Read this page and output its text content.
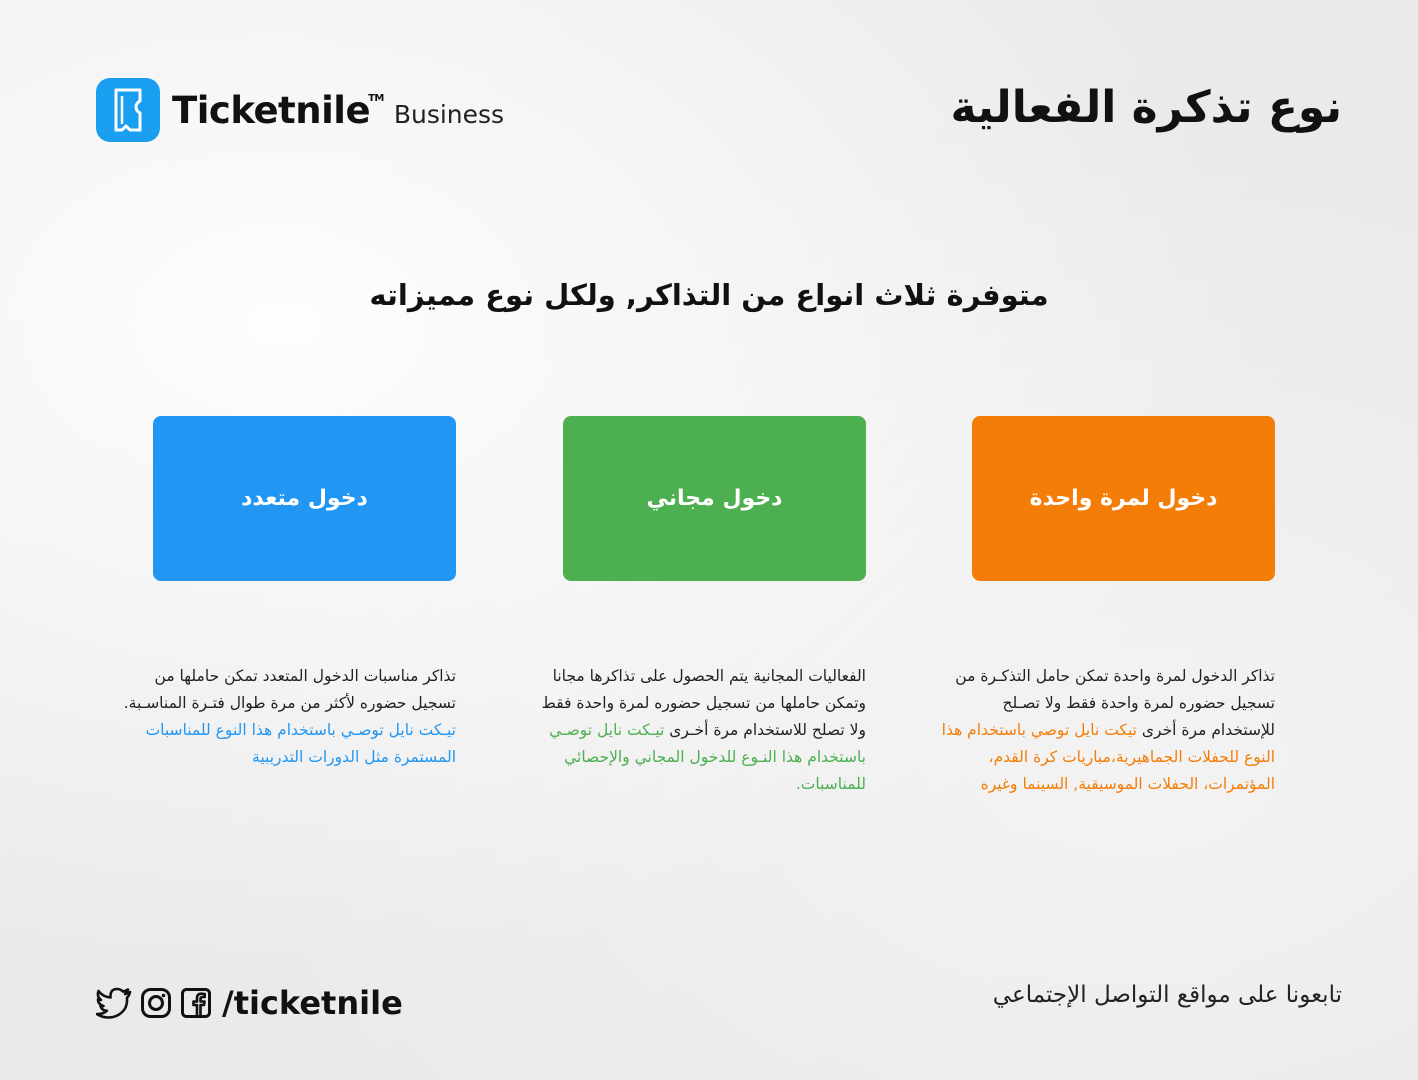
Ticketnile™
Business	نوع تذكرة الفعالية
متوفرة ثلاث انواع من التذاكر, ولكل نوع مميزاته
دخول لمرة واحدة
دخول مجاني
دخول متعدد
تذاكر الدخول لمرة واحدة تمكن حامل التذكـرة من تسجيل حضوره لمرة واحدة فقط ولا تصـلح للإستخدام مرة أخرى تيكت نايل توصي باستخدام هذا النوع للحفلات الجماهيرية،مباريات كرة القدم، المؤتمرات، الحفلات الموسيقية, السينما وغيره
الفعاليات المجانية يتم الحصول على تذاكرها مجانا وتمكن حاملها من تسجيل حضوره لمرة واحدة فقط ولا تصلح للاستخدام مرة أخـرى تيـكت نايل توصـي باستخدام هذا النـوع للدخول المجاني والإحصائي للمناسبات.
تذاكر مناسبات الدخول المتعدد تمكن حاملها من تسجيل حضوره لأكثر من مرة طوال فتـرة المناسـبة. تيـكت نايل توصـي باستخدام هذا النوع للمناسبات المستمرة مثل الدورات التدريبية
/ticketnile	تابعونا على مواقع التواصل الإجتماعي
